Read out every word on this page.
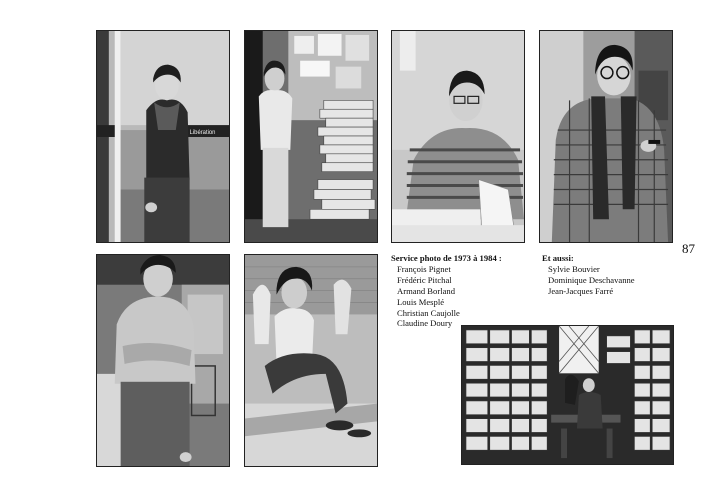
Libération
Service photo de 1973 à 1984 :
François Pignet
Frédéric Pitchal
Armand Borland
Louis Mesplé
Christian Caujolle
Claudine Doury
Et aussi:
Sylvie Bouvier
Dominique Deschavanne
Jean-Jacques Farré
87
